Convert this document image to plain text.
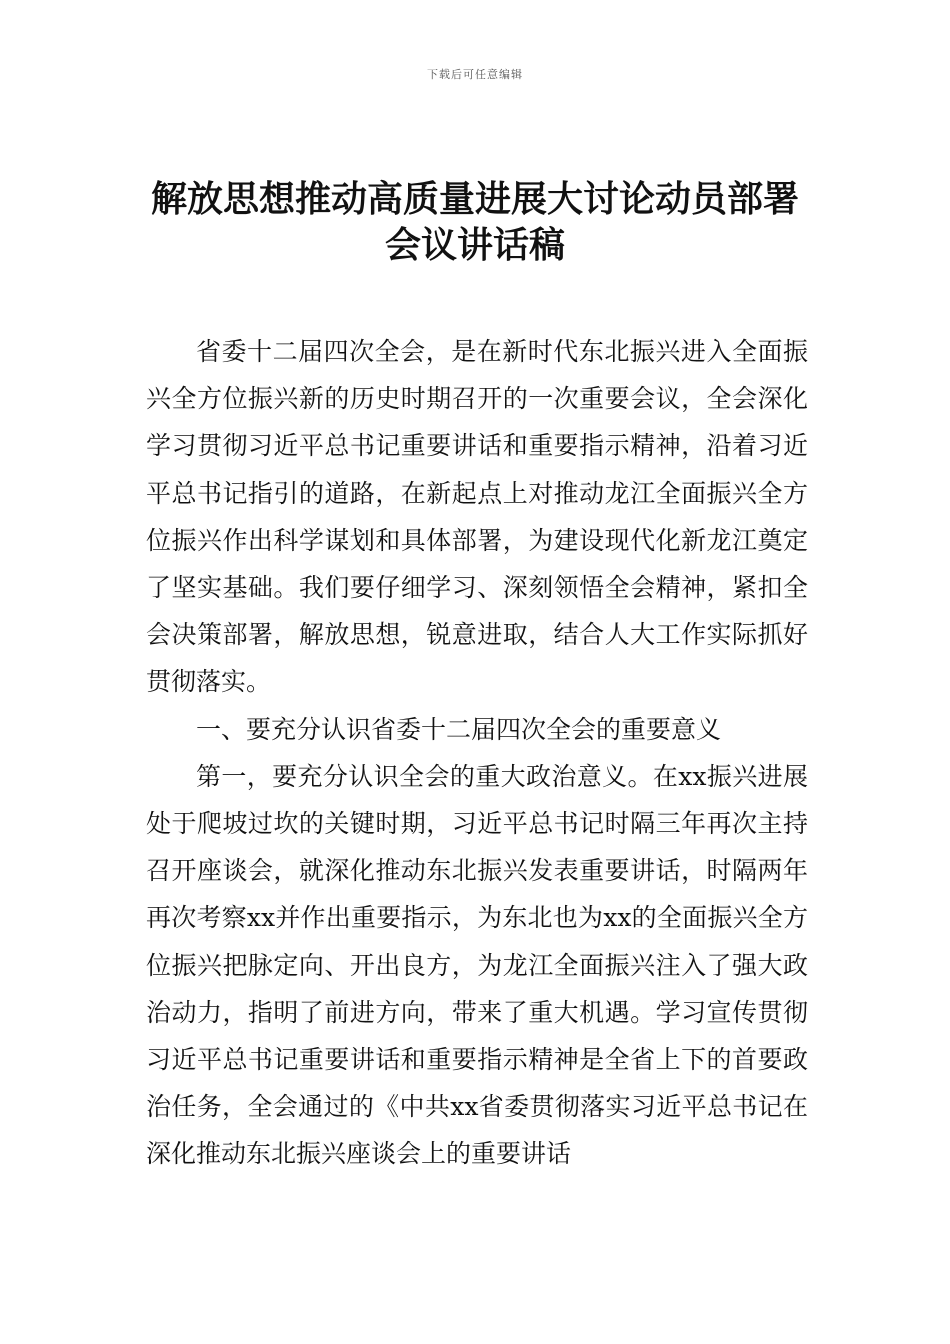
下载后可任意编辑
解放思想推动高质量进展大讨论动员部署
会议讲话稿

省委十二届四次全会，是在新时代东北振兴进入全面振兴全方位振兴新的历史时期召开的一次重要会议，全会深化学习贯彻习近平总书记重要讲话和重要指示精神，沿着习近平总书记指引的道路，在新起点上对推动龙江全面振兴全方位振兴作出科学谋划和具体部署，为建设现代化新龙江奠定了坚实基础。我们要仔细学习、深刻领悟全会精神，紧扣全会决策部署，解放思想，锐意进取，结合人大工作实际抓好贯彻落实。

一、要充分认识省委十二届四次全会的重要意义

第一，要充分认识全会的重大政治意义。在xx振兴进展处于爬坡过坎的关键时期，习近平总书记时隔三年再次主持召开座谈会，就深化推动东北振兴发表重要讲话，时隔两年再次考察xx并作出重要指示，为东北也为xx的全面振兴全方位振兴把脉定向、开出良方，为龙江全面振兴注入了强大政治动力，指明了前进方向，带来了重大机遇。学习宣传贯彻习近平总书记重要讲话和重要指示精神是全省上下的首要政治任务，全会通过的《中共xx省委贯彻落实习近平总书记在深化推动东北振兴座谈会上的重要讲话
